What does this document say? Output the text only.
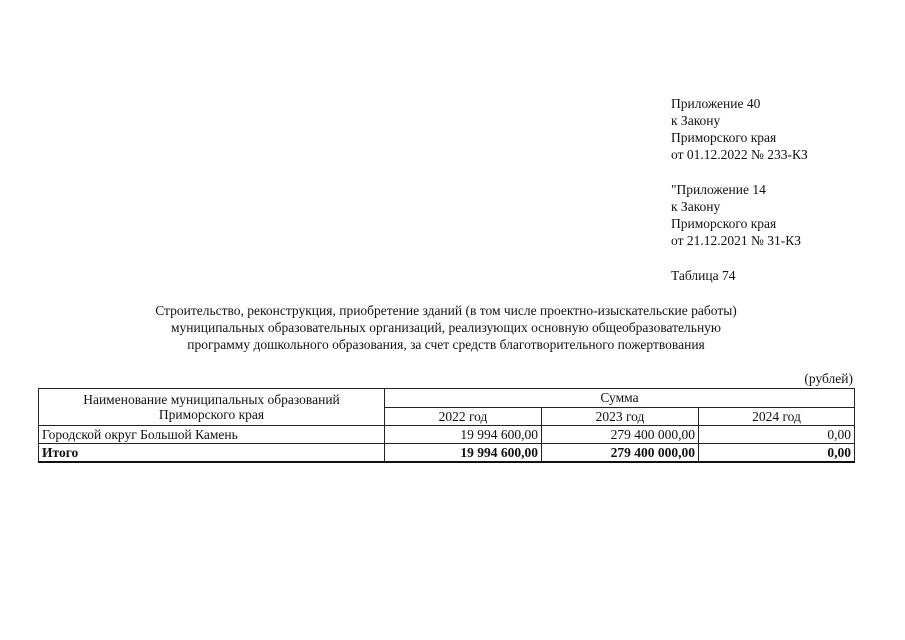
Приложение 40
к Закону
Приморского края
от 01.12.2022 № 233-КЗ
"Приложение 14
к Закону
Приморского края
от 21.12.2021 № 31-КЗ
Таблица 74
Строительство, реконструкция, приобретение зданий (в том числе проектно-изыскательские работы)
муниципальных образовательных организаций, реализующих основную общеобразовательную
программу дошкольного образования, за счет средств благотворительного пожертвования
(рублей)
Наименование муниципальных образований
Приморского края	Сумма		
	2022 год	2023 год	2024 год
Городской округ Большой Камень	19 994 600,00	279 400 000,00	0,00
Итого	19 994 600,00	279 400 000,00	0,00
